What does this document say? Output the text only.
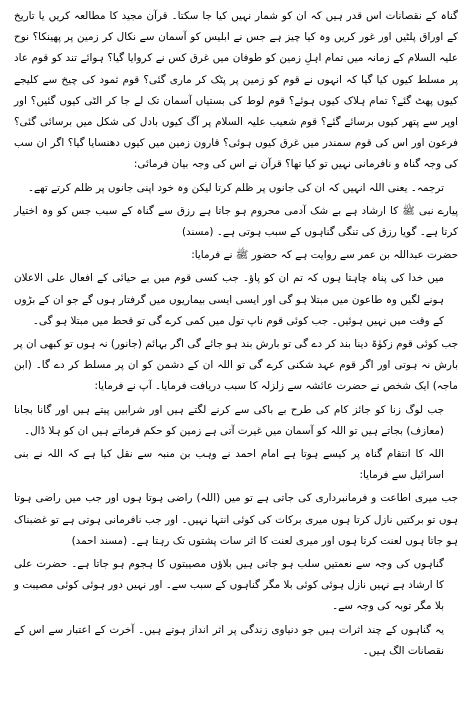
گناہ کے نقصانات اس قدر ہیں کہ ان کو شمار نہیں کیا جا سکتا۔ قرآن مجید کا مطالعہ کریں یا تاریخ کے اوراق پلٹیں اور غور کریں وہ کیا چیز ہے جس نے ابلیس کو آسمان سے نکال کر زمین پر پھینکا؟ نوح علیہ السلام کے زمانہ میں تمام اہلِ زمین کو طوفان میں غرق کس نے کروایا گیا؟ ہوائے تند کو قوم عاد پر مسلط کیوں کیا گیا کہ انہوں نے قوم کو زمین پر پٹک کر ماری گئی؟ قوم ثمود کی چیخ سے کلیجے کیوں پھٹ گئے؟ تمام ہلاک کیوں ہوئے؟ قوم لوط کی بستیاں آسمان تک لے جا کر الٹی کیوں گئیں؟ اور اوپر سے پتھر کیوں برسائے گئے؟ قوم شعیب علیہ السلام پر آگ کیوں بادل کی شکل میں برسائی گئی؟ فرعون اور اس کی قوم سمندر میں غرق کیوں ہوئی؟ قارون زمین میں کیوں دھنسایا گیا؟ اگر ان سب کی وجہ گناہ و نافرمانی نہیں تو کیا تھا؟ قرآن نے اس کی وجہ بیان فرمائی:

ترجمہ۔ یعنی اللہ انہیں کہ ان کی جانوں پر ظلم کرتا لیکن وہ خود اپنی جانوں پر ظلم کرتے تھے۔

پیارے نبی ﷺ کا ارشاد ہے بے شک آدمی محروم ہو جاتا ہے رزق سے گناہ کے سبب جس کو وہ اختیار کرتا ہے۔ گویا رزق کی تنگی گناہوں کے سبب ہوتی ہے۔ (مسند)

حضرت عبداللہ بن عمر سے روایت ہے کہ حضور ﷺ نے فرمایا:

میں خدا کی پناہ چاہتا ہوں کہ تم ان کو پاؤ۔ جب کسی قوم میں بے حیائی کے افعال علی الاعلان ہونے لگیں وہ طاعون میں مبتلا ہو گی اور ایسی ایسی بیماریوں میں گرفتار ہوں گے جو ان کے بڑوں کے وقت میں نہیں ہوئیں۔ جب کوئی قوم ناپ تول میں کمی کرے گی تو قحط میں مبتلا ہو گی۔

جب کوئی قوم زکوٰۃ دینا بند کر دے گی تو بارش بند ہو جائے گی اگر بہائم (جانور) نہ ہوں تو کبھی ان پر بارش نہ ہوتی اور اگر قوم عہد شکنی کرے گی تو اللہ ان کے دشمن کو ان پر مسلط کر دے گا۔ (ابن ماجہ) ایک شخص نے حضرت عائشہ سے زلزلہ کا سبب دریافت فرمایا۔ آپ نے فرمایا:

جب لوگ زنا کو جائز کام کی طرح بے باکی سے کرنے لگتے ہیں اور شرابیں پیتے ہیں اور گانا بجانا (معازف) بجاتے ہیں تو اللہ کو آسمان میں غیرت آتی ہے زمین کو حکم فرماتے ہیں ان کو ہلا ڈال۔

اللہ کا انتقام گناہ پر کیسے ہوتا ہے امام احمد نے وہب بن منبہ سے نقل کیا ہے کہ اللہ نے بنی اسرائیل سے فرمایا:

جب میری اطاعت و فرمانبرداری کی جاتی ہے تو میں (اللہ) راضی ہوتا ہوں اور جب میں راضی ہوتا ہوں تو برکتیں نازل کرتا ہوں میری برکات کی کوئی انتہا نہیں۔ اور جب نافرمانی ہوتی ہے تو غضبناک ہو جاتا ہوں لعنت کرتا ہوں اور میری لعنت کا اثر سات پشتوں تک رہتا ہے۔ (مسند احمد)

گناہوں کی وجہ سے نعمتیں سلب ہو جاتی ہیں بلاؤں مصیبتوں کا ہجوم ہو جاتا ہے۔ حضرت علی کا ارشاد ہے نہیں نازل ہوئی کوئی بلا مگر گناہوں کے سبب سے۔ اور نہیں دور ہوئی کوئی مصیبت و بلا مگر توبہ کی وجہ سے۔

یہ گناہوں کے چند اثرات ہیں جو دنیاوی زندگی پر اثر انداز ہوتے ہیں۔ آخرت کے اعتبار سے اس کے نقصانات الگ ہیں۔
